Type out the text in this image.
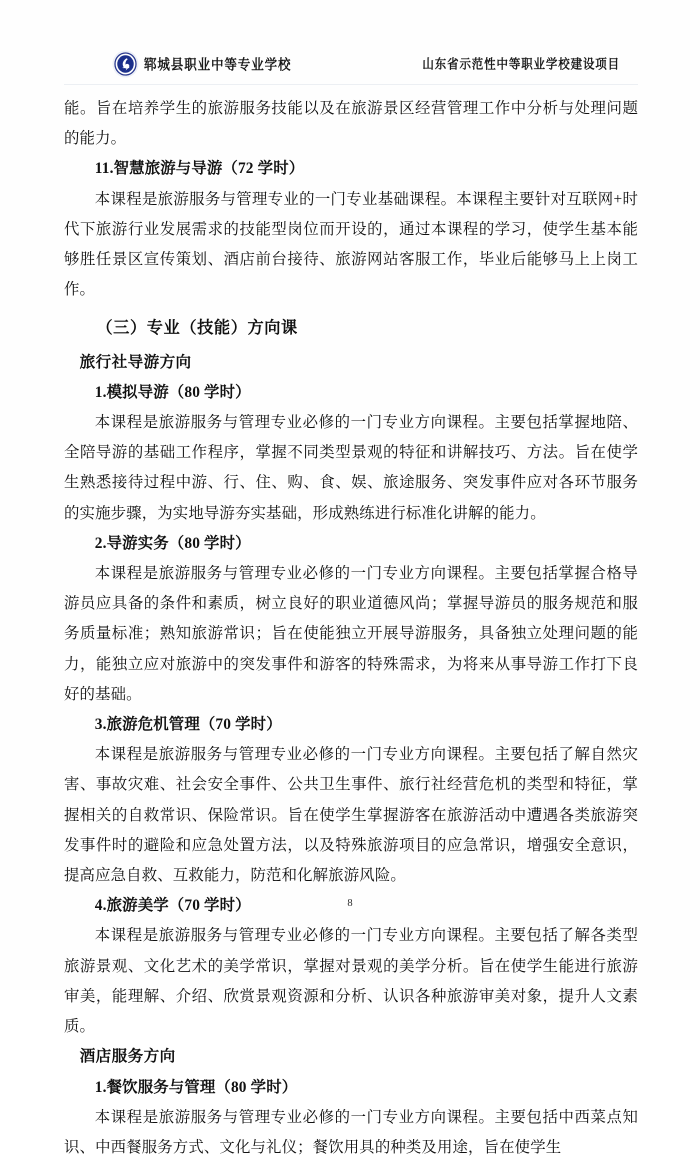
郓城县职业中等专业学校	山东省示范性中等职业学校建设项目

能。旨在培养学生的旅游服务技能以及在旅游景区经营管理工作中分析与处理问题的能力。

11.智慧旅游与导游（72 学时）

本课程是旅游服务与管理专业的一门专业基础课程。本课程主要针对互联网+时代下旅游行业发展需求的技能型岗位而开设的，通过本课程的学习，使学生基本能够胜任景区宣传策划、酒店前台接待、旅游网站客服工作，毕业后能够马上上岗工作。

（三）专业（技能）方向课

旅行社导游方向

1.模拟导游（80 学时）

本课程是旅游服务与管理专业必修的一门专业方向课程。主要包括掌握地陪、全陪导游的基础工作程序，掌握不同类型景观的特征和讲解技巧、方法。旨在使学生熟悉接待过程中游、行、住、购、食、娱、旅途服务、突发事件应对各环节服务的实施步骤，为实地导游夯实基础，形成熟练进行标准化讲解的能力。

2.导游实务（80 学时）

本课程是旅游服务与管理专业必修的一门专业方向课程。主要包括掌握合格导游员应具备的条件和素质，树立良好的职业道德风尚；掌握导游员的服务规范和服务质量标准；熟知旅游常识；旨在使能独立开展导游服务，具备独立处理问题的能力，能独立应对旅游中的突发事件和游客的特殊需求，为将来从事导游工作打下良好的基础。

3.旅游危机管理（70 学时）

本课程是旅游服务与管理专业必修的一门专业方向课程。主要包括了解自然灾害、事故灾难、社会安全事件、公共卫生事件、旅行社经营危机的类型和特征，掌握相关的自救常识、保险常识。旨在使学生掌握游客在旅游活动中遭遇各类旅游突发事件时的避险和应急处置方法，以及特殊旅游项目的应急常识，增强安全意识，提高应急自救、互救能力，防范和化解旅游风险。

4.旅游美学（70 学时）

本课程是旅游服务与管理专业必修的一门专业方向课程。主要包括了解各类型旅游景观、文化艺术的美学常识，掌握对景观的美学分析。旨在使学生能进行旅游审美，能理解、介绍、欣赏景观资源和分析、认识各种旅游审美对象，提升人文素质。

酒店服务方向

1.餐饮服务与管理（80 学时）

本课程是旅游服务与管理专业必修的一门专业方向课程。主要包括中西菜点知识、中西餐服务方式、文化与礼仪；餐饮用具的种类及用途，旨在使学生

8
